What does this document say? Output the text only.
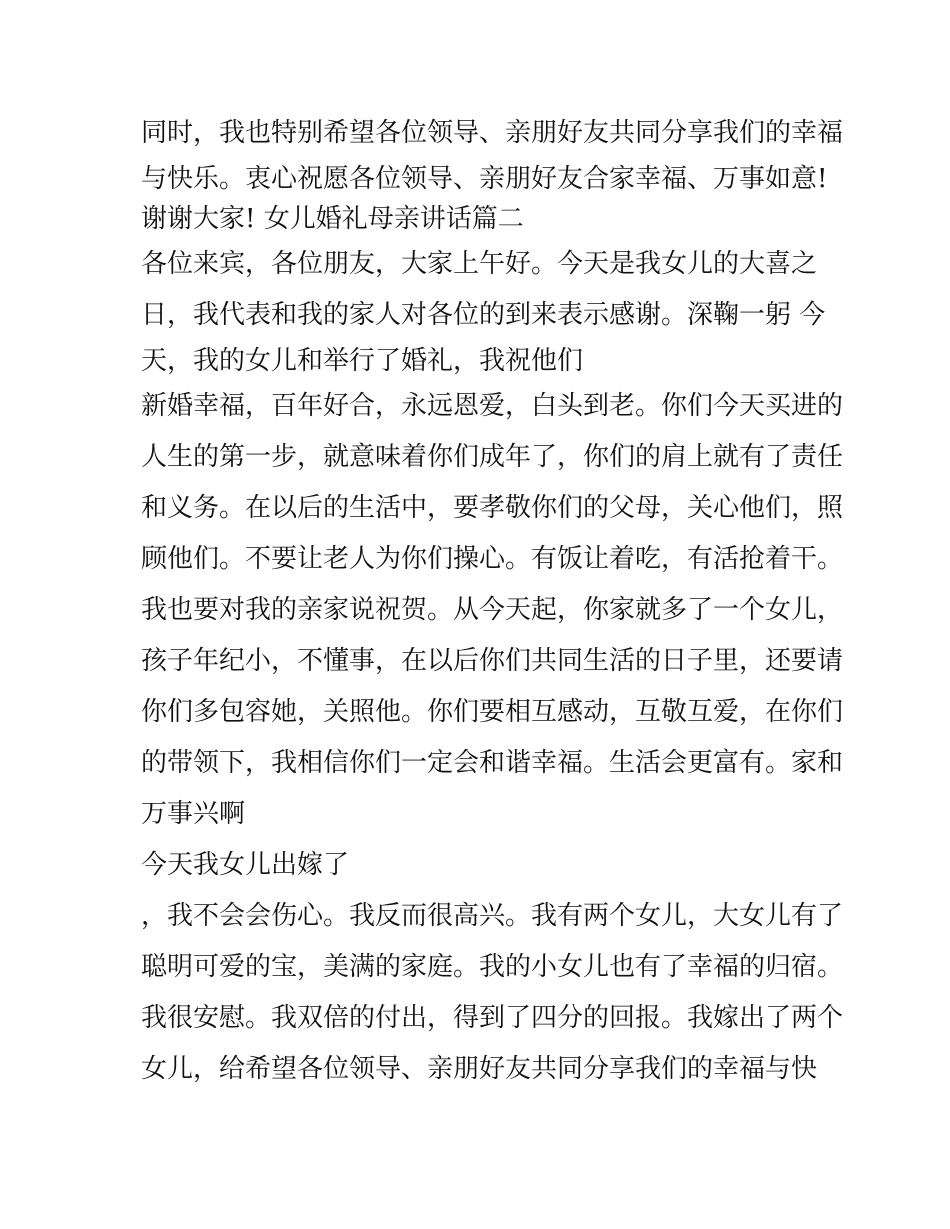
同时，我也特别希望各位领导、亲朋好友共同分享我们的幸福
与快乐。衷心祝愿各位领导、亲朋好友合家幸福、万事如意!
谢谢大家! 女儿婚礼母亲讲话篇二
各位来宾，各位朋友，大家上午好。今天是我女儿的大喜之
日，我代表和我的家人对各位的到来表示感谢。深鞠一躬 今
天，我的女儿和举行了婚礼，我祝他们
新婚幸福，百年好合，永远恩爱，白头到老。你们今天买进的
人生的第一步，就意味着你们成年了，你们的肩上就有了责任
和义务。在以后的生活中，要孝敬你们的父母，关心他们，照
顾他们。不要让老人为你们操心。有饭让着吃，有活抢着干。
我也要对我的亲家说祝贺。从今天起，你家就多了一个女儿，
孩子年纪小，不懂事，在以后你们共同生活的日子里，还要请
你们多包容她，关照他。你们要相互感动，互敬互爱，在你们
的带领下，我相信你们一定会和谐幸福。生活会更富有。家和
万事兴啊
今天我女儿出嫁了
，我不会会伤心。我反而很高兴。我有两个女儿，大女儿有了
聪明可爱的宝，美满的家庭。我的小女儿也有了幸福的归宿。
我很安慰。我双倍的付出，得到了四分的回报。我嫁出了两个
女儿，给希望各位领导、亲朋好友共同分享我们的幸福与快
